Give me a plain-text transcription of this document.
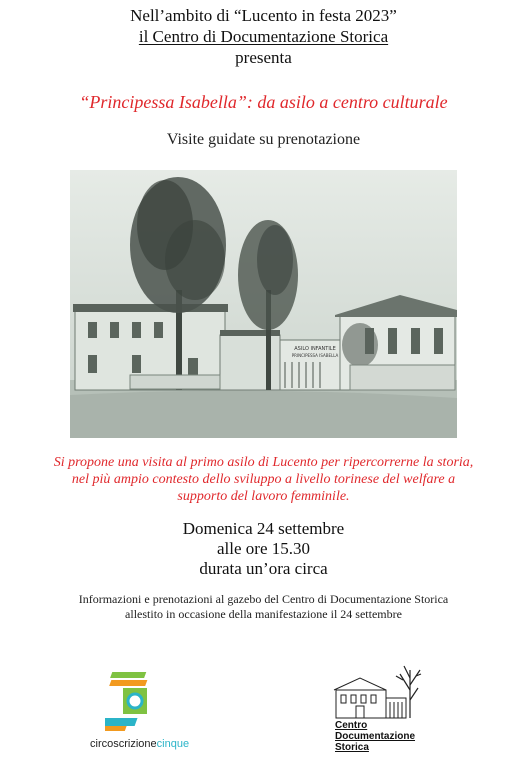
Nell’ambito di “Lucento in festa 2023”
il Centro di Documentazione Storica
presenta
“Principessa Isabella”: da asilo a centro culturale
Visite guidate su prenotazione
ASILO INFANTILE
PRINCIPESSA ISABELLA
Si propone una visita al primo asilo di Lucento per ripercorrerne la storia, nel più ampio contesto dello sviluppo a livello torinese del welfare a supporto del lavoro femminile.
Domenica 24 settembre
alle ore 15.30
durata un’ora circa
Informazioni e prenotazioni al gazebo del Centro di Documentazione Storica
allestito in occasione della manifestazione il 24 settembre
circoscrizionecinque
Centro
Documentazione
Storica
